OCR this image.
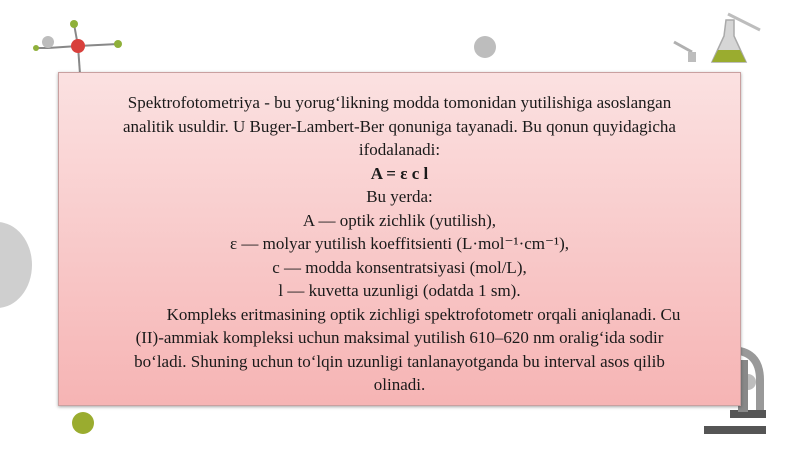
Spektrofotometriya - bu yorug‘likning modda tomonidan yutilishiga asoslangan
analitik usuldir. U Buger-Lambert-Ber qonuniga tayanadi. Bu qonun quyidagicha
ifodalanadi:
A = ε c l
Bu yerda:
A — optik zichlik (yutilish),
ε — molyar yutilish koeffitsienti (L·mol⁻¹·cm⁻¹),
c — modda konsentratsiyasi (mol/L),
l — kuvetta uzunligi (odatda 1 sm).
Kompleks eritmasining optik zichligi spektrofotometr orqali aniqlanadi. Cu
(II)-ammiak kompleksi uchun maksimal yutilish 610–620 nm oralig‘ida sodir
bo‘ladi. Shuning uchun to‘lqin uzunligi tanlanayotganda bu interval asos qilib
olinadi.
